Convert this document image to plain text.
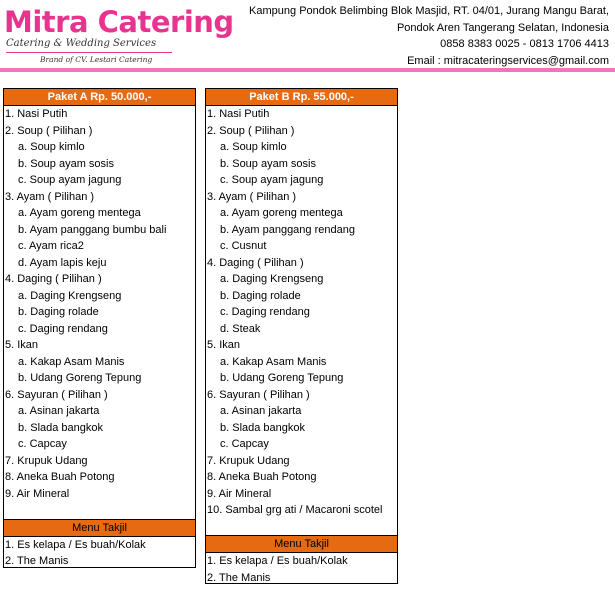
Mitra Catering
Catering & Wedding Services
Brand of CV. Lestari Catering
Kampung Pondok Belimbing Blok Masjid, RT. 04/01, Jurang Mangu Barat,
Pondok Aren Tangerang Selatan, Indonesia
0858 8383 0025 - 0813 1706 4413
Email : mitracateringservices@gmail.com
Paket A Rp. 50.000,-
1. Nasi Putih
2. Soup ( Pilihan )
a. Soup kimlo
b. Soup ayam sosis
c. Soup ayam jagung
3. Ayam ( Pilihan )
a. Ayam goreng mentega
b. Ayam panggang bumbu bali
c. Ayam rica2
d. Ayam lapis keju
4. Daging ( Pilihan )
a. Daging Krengseng
b. Daging rolade
c. Daging rendang
5. Ikan
a. Kakap Asam Manis
b. Udang Goreng Tepung
6. Sayuran ( Pilihan )
a. Asinan jakarta
b. Slada bangkok
c. Capcay
7. Krupuk Udang
8. Aneka Buah Potong
9. Air Mineral
Menu Takjil
1. Es kelapa / Es buah/Kolak
2. The Manis
Paket B Rp. 55.000,-
1. Nasi Putih
2. Soup ( Pilihan )
a. Soup kimlo
b. Soup ayam sosis
c. Soup ayam jagung
3. Ayam ( Pilihan )
a. Ayam goreng mentega
b. Ayam panggang rendang
c. Cusnut
4. Daging ( Pilihan )
a. Daging Krengseng
b. Daging rolade
c. Daging rendang
d. Steak
5. Ikan
a. Kakap Asam Manis
b. Udang Goreng Tepung
6. Sayuran ( Pilihan )
a. Asinan jakarta
b. Slada bangkok
c. Capcay
7. Krupuk Udang
8. Aneka Buah Potong
9. Air Mineral
10. Sambal grg ati / Macaroni scotel
Menu Takjil
1. Es kelapa / Es buah/Kolak
2. The Manis
